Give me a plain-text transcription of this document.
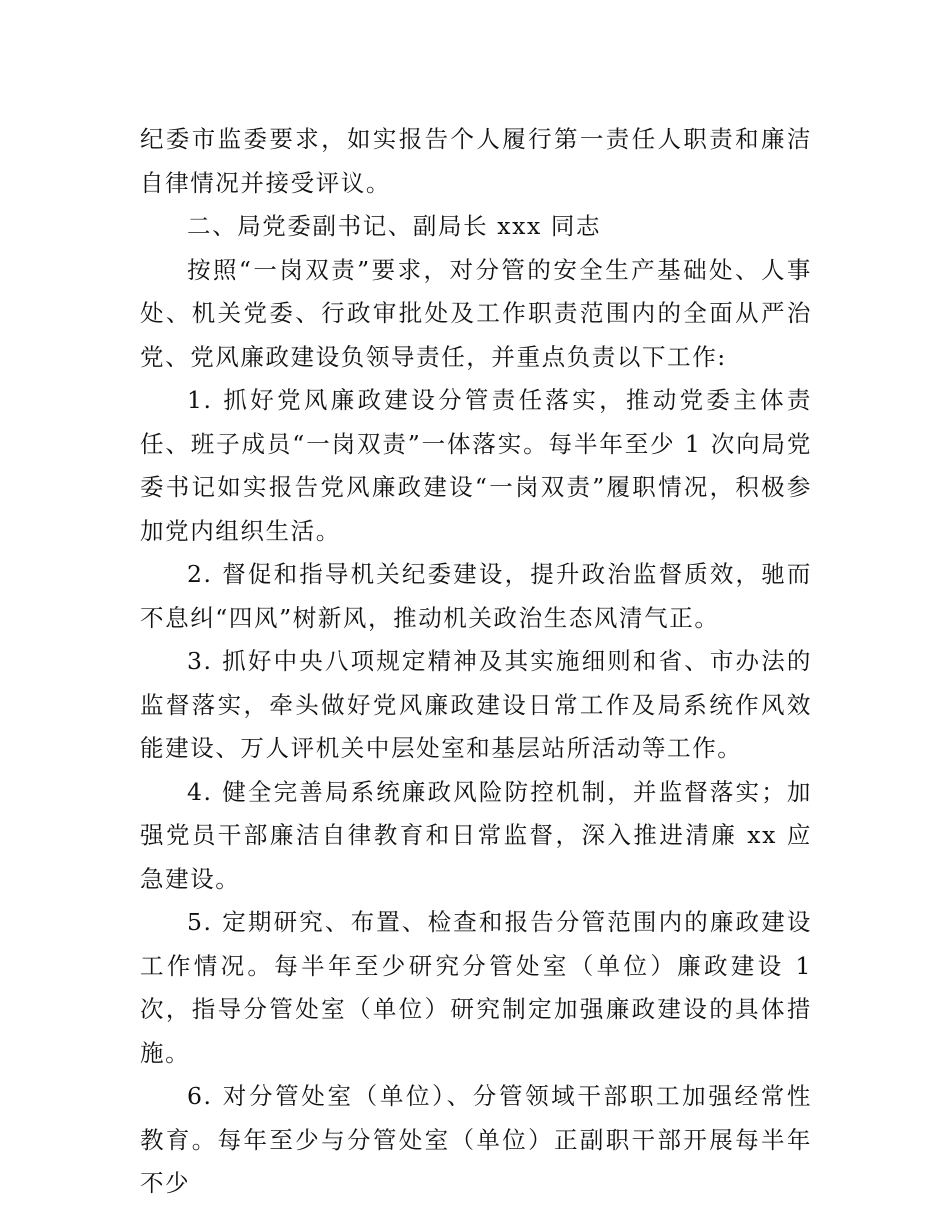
纪委市监委要求，如实报告个人履行第一责任人职责和廉洁自律情况并接受评议。

二、局党委副书记、副局长 xxx 同志

按照“一岗双责”要求，对分管的安全生产基础处、人事处、机关党委、行政审批处及工作职责范围内的全面从严治党、党风廉政建设负领导责任，并重点负责以下工作:

1. 抓好党风廉政建设分管责任落实，推动党委主体责任、班子成员“一岗双责”一体落实。每半年至少 1 次向局党委书记如实报告党风廉政建设“一岗双责”履职情况，积极参加党内组织生活。

2. 督促和指导机关纪委建设，提升政治监督质效，驰而不息纠“四风”树新风，推动机关政治生态风清气正。

3. 抓好中央八项规定精神及其实施细则和省、市办法的监督落实，牵头做好党风廉政建设日常工作及局系统作风效能建设、万人评机关中层处室和基层站所活动等工作。

4. 健全完善局系统廉政风险防控机制，并监督落实；加强党员干部廉洁自律教育和日常监督，深入推进清廉 xx 应急建设。

5. 定期研究、布置、检查和报告分管范围内的廉政建设工作情况。每半年至少研究分管处室（单位）廉政建设 1 次，指导分管处室（单位）研究制定加强廉政建设的具体措施。

6. 对分管处室（单位）、分管领域干部职工加强经常性教育。每年至少与分管处室（单位）正副职干部开展每半年不少
